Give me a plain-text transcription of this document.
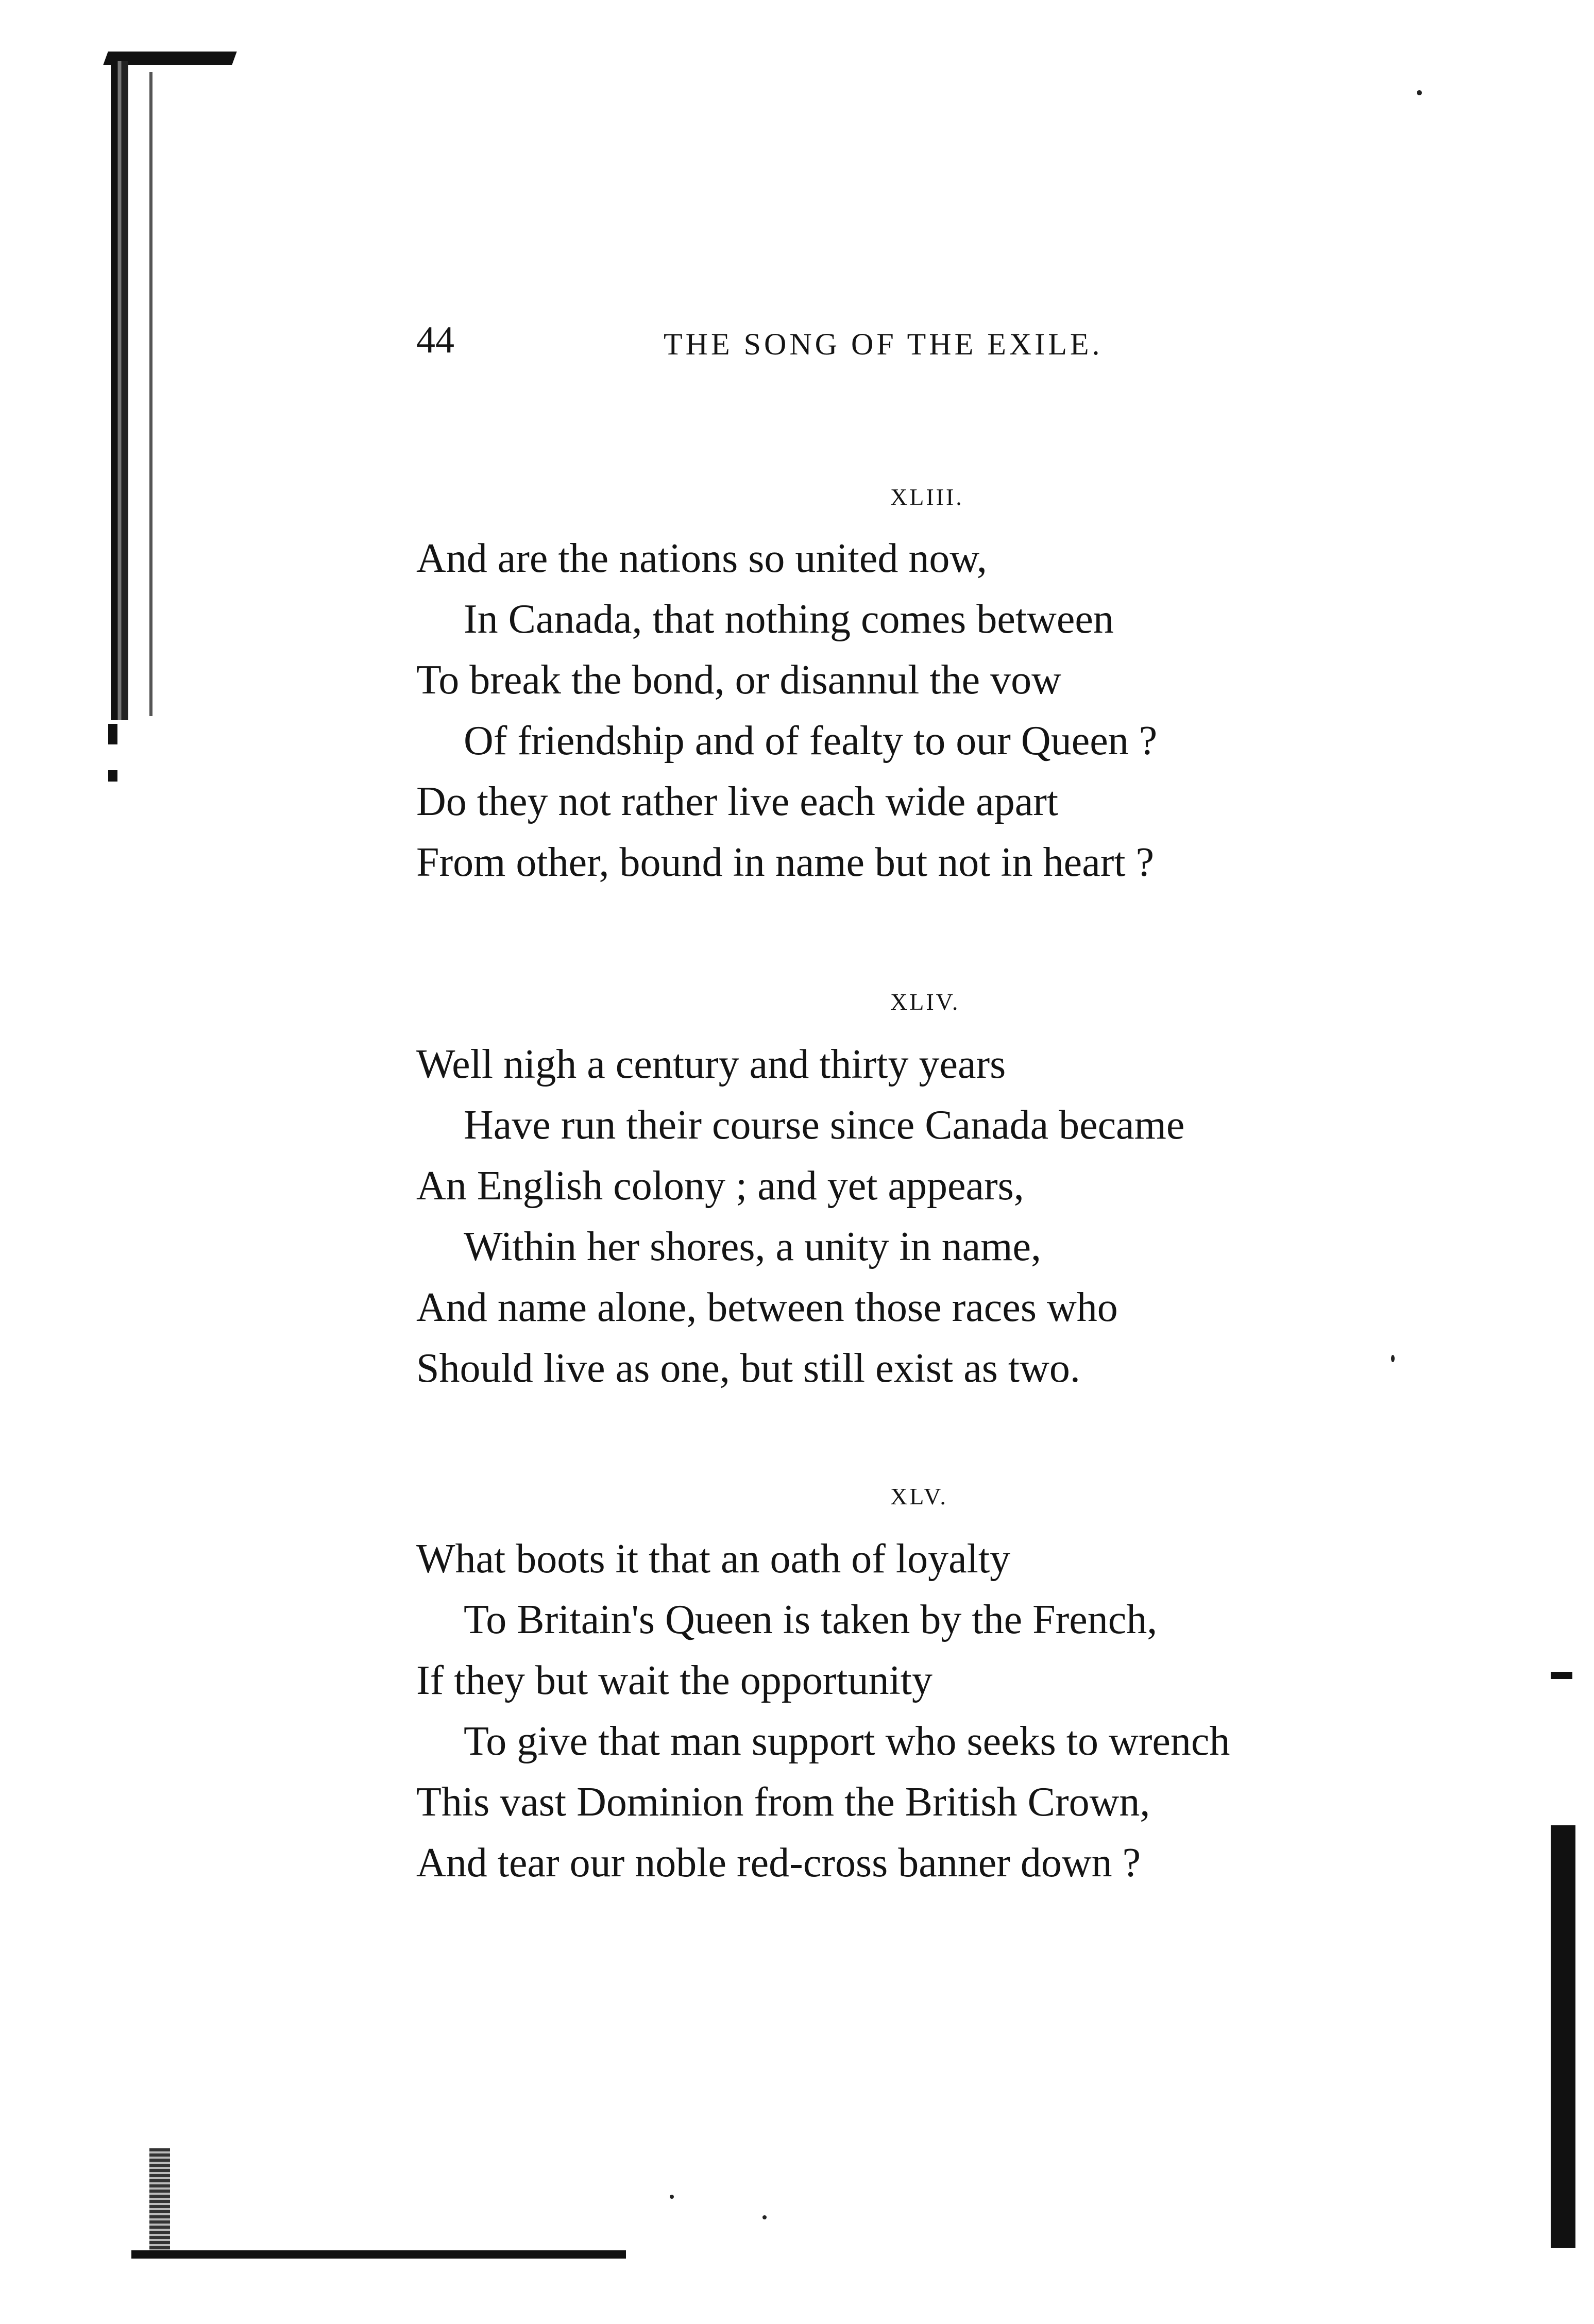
44	THE SONG OF THE EXILE.
XLIII.
And are the nations so united now,
In Canada, that nothing comes between
To break the bond, or disannul the vow
Of friendship and of fealty to our Queen ?
Do they not rather live each wide apart
From other, bound in name but not in heart ?
XLIV.
Well nigh a century and thirty years
Have run their course since Canada became
An English colony ; and yet appears,
Within her shores, a unity in name,
And name alone, between those races who
Should live as one, but still exist as two.
XLV.
What boots it that an oath of loyalty
To Britain's Queen is taken by the French,
If they but wait the opportunity
To give that man support who seeks to wrench
This vast Dominion from the British Crown,
And tear our noble red-cross banner down ?
